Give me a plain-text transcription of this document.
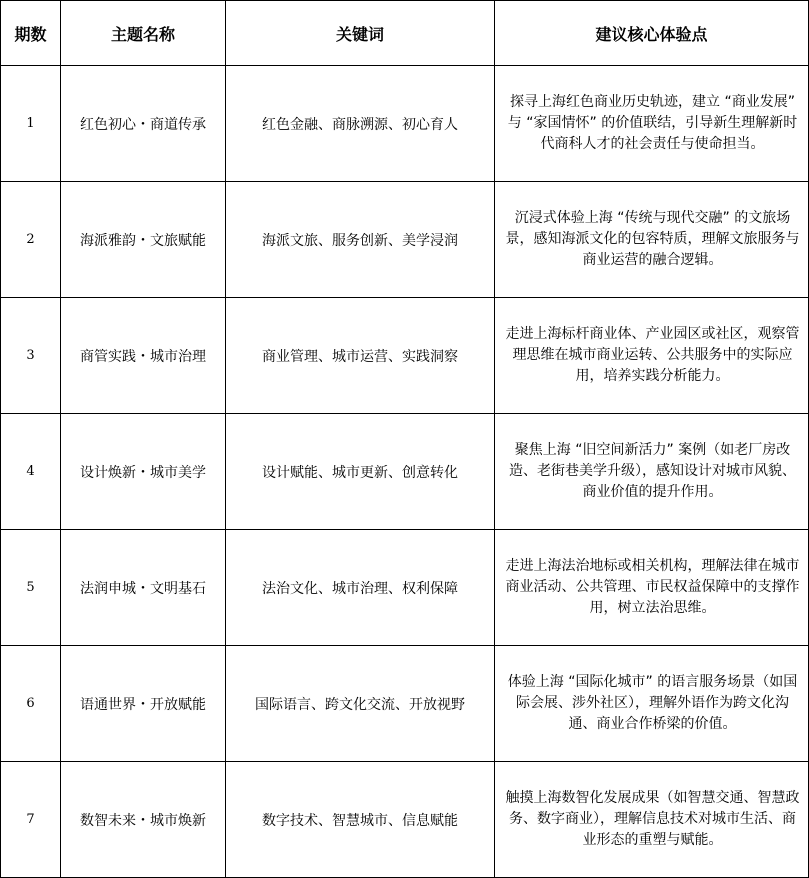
期数	主题名称	关键词	建议核心体验点
1	红色初心・商道传承	红色金融、商脉溯源、初心育人	探寻上海红色商业历史轨迹，建立 “商业发展” 与 “家国情怀” 的价值联结，引导新生理解新时代商科人才的社会责任与使命担当。
2	海派雅韵・文旅赋能	海派文旅、服务创新、美学浸润	沉浸式体验上海 “传统与现代交融” 的文旅场景，感知海派文化的包容特质，理解文旅服务与商业运营的融合逻辑。
3	商管实践・城市治理	商业管理、城市运营、实践洞察	走进上海标杆商业体、产业园区或社区，观察管理思维在城市商业运转、公共服务中的实际应用，培养实践分析能力。
4	设计焕新・城市美学	设计赋能、城市更新、创意转化	聚焦上海 “旧空间新活力” 案例（如老厂房改造、老街巷美学升级），感知设计对城市风貌、商业价值的提升作用。
5	法润申城・文明基石	法治文化、城市治理、权利保障	走进上海法治地标或相关机构，理解法律在城市商业活动、公共管理、市民权益保障中的支撑作用，树立法治思维。
6	语通世界・开放赋能	国际语言、跨文化交流、开放视野	体验上海 “国际化城市” 的语言服务场景（如国际会展、涉外社区），理解外语作为跨文化沟通、商业合作桥梁的价值。
7	数智未来・城市焕新	数字技术、智慧城市、信息赋能	触摸上海数智化发展成果（如智慧交通、智慧政务、数字商业），理解信息技术对城市生活、商业形态的重塑与赋能。
